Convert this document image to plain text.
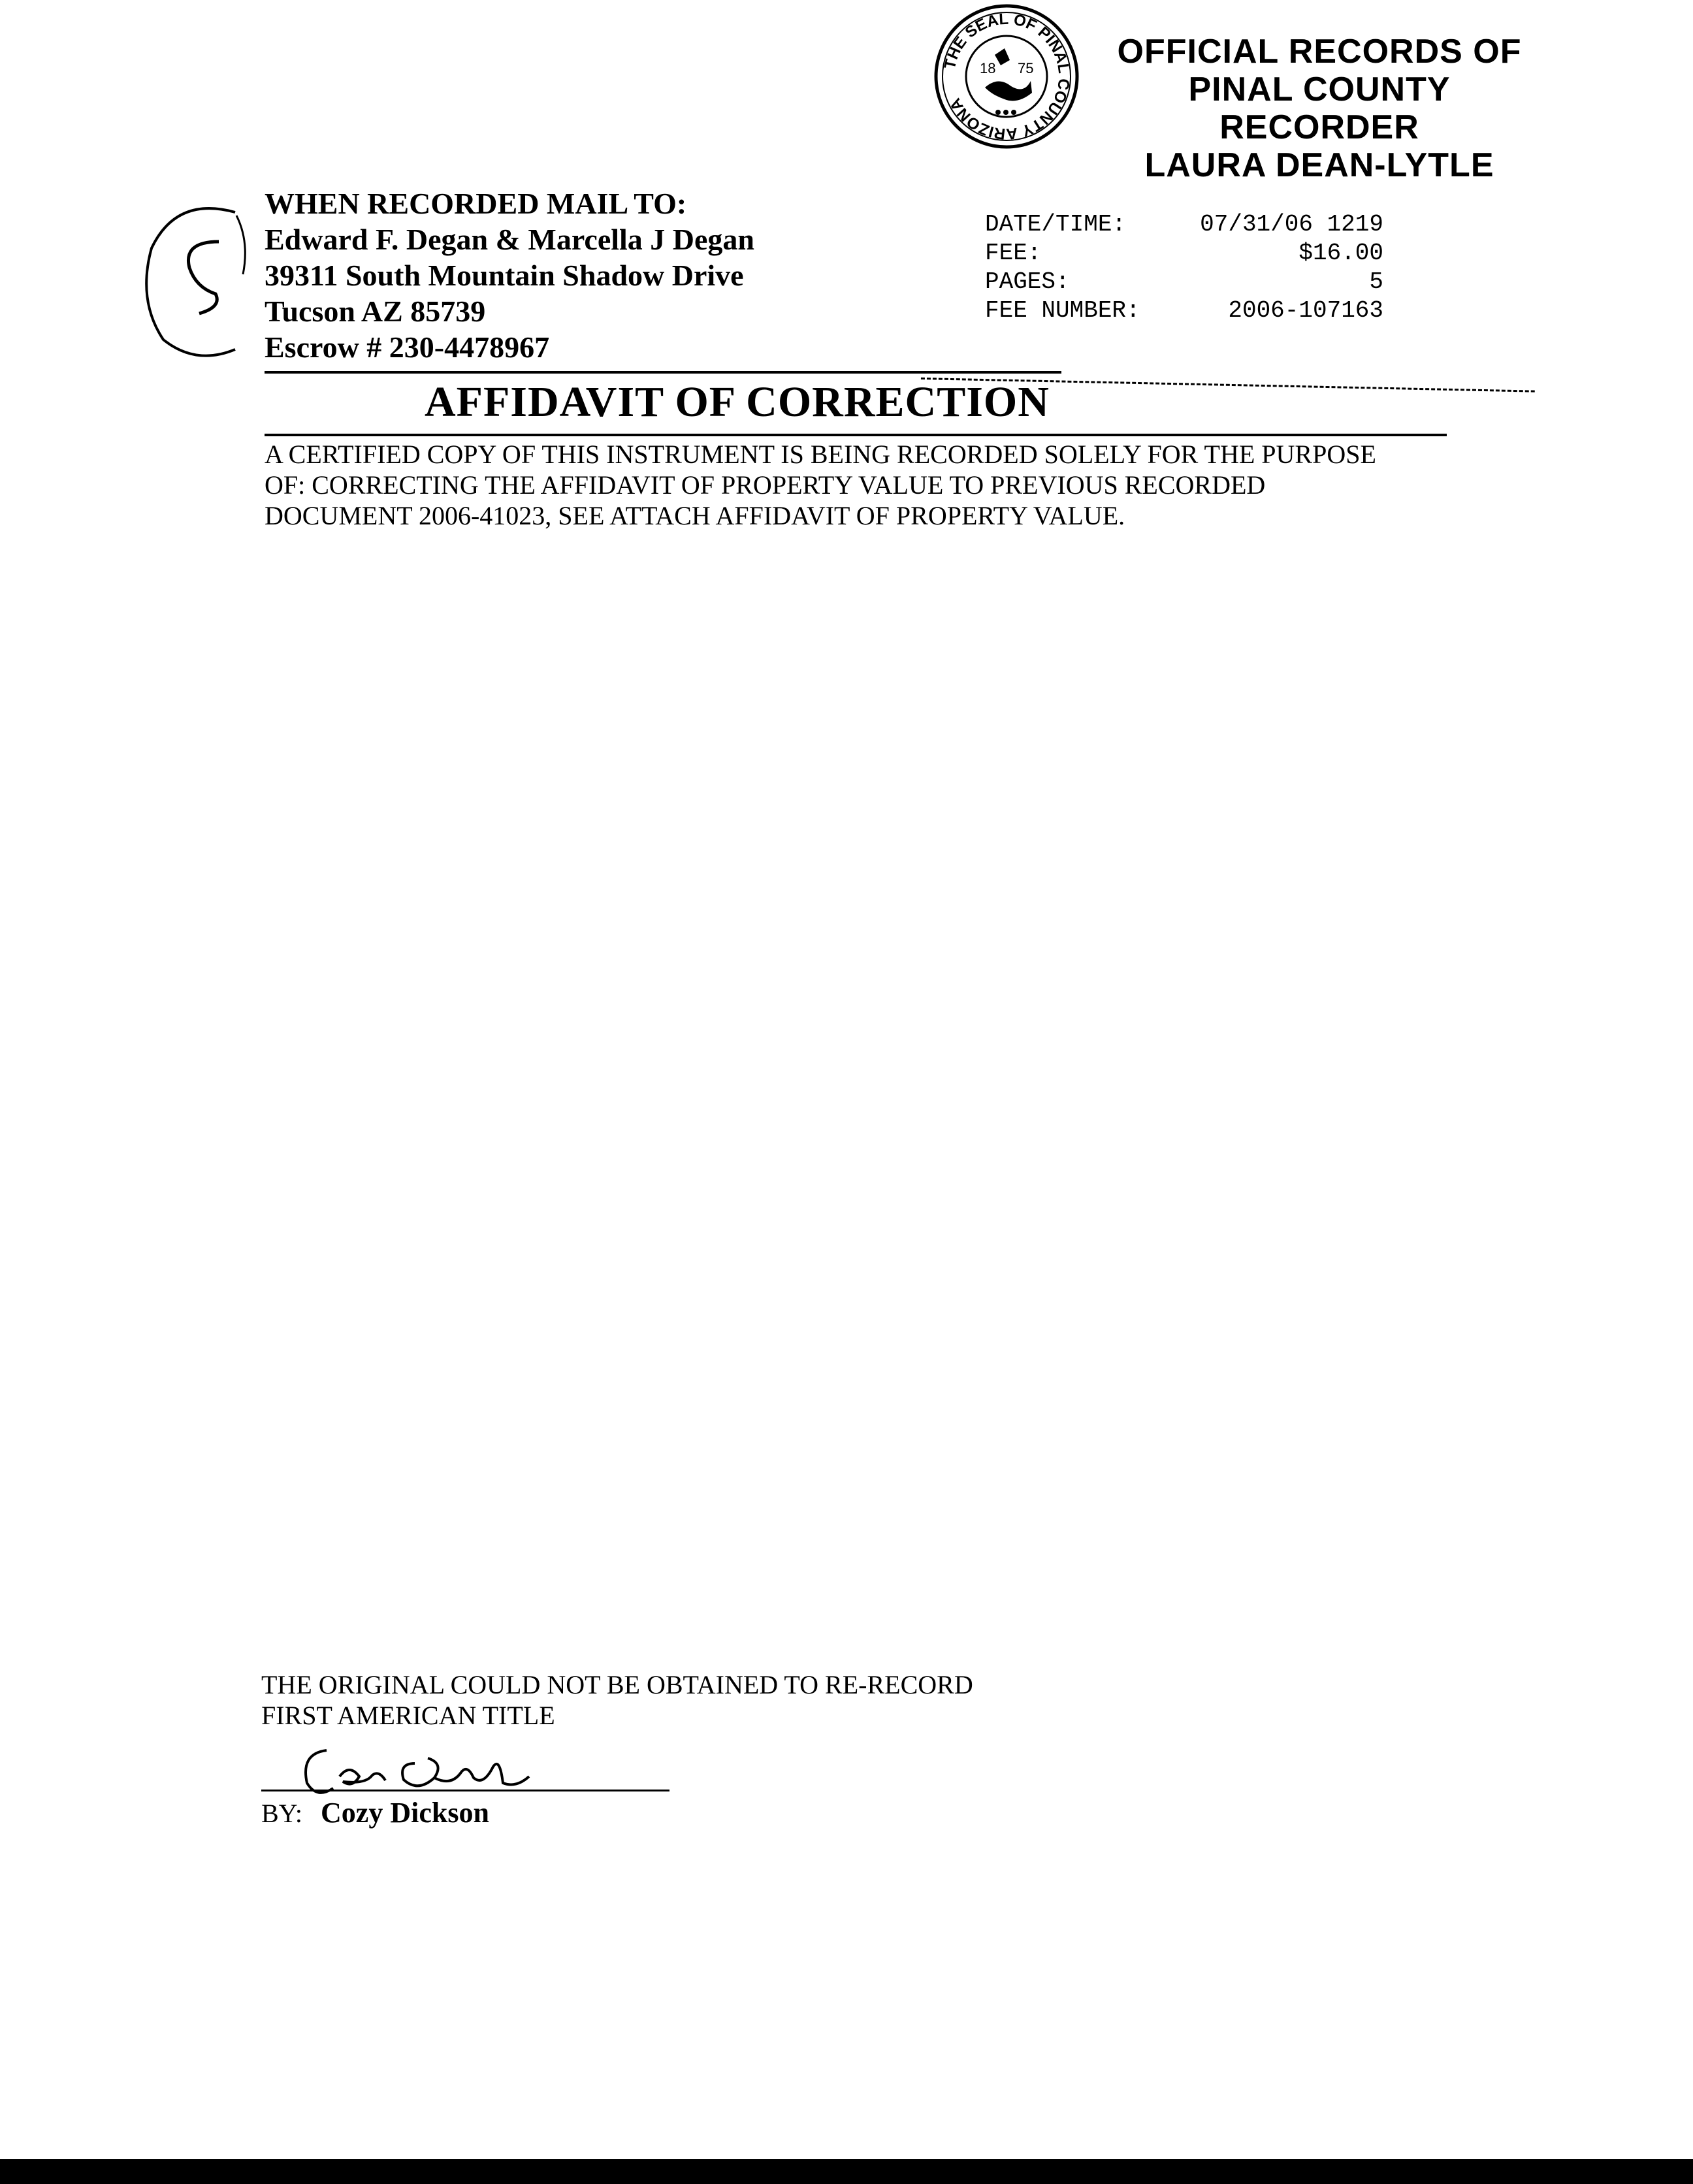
THE SEAL OF PINAL COUNTY ARIZONA
18 75	OFFICIAL RECORDS OF
PINAL COUNTY RECORDER
LAURA DEAN-LYTLE
DATE/TIME:	07/31/06 1219
FEE:	$16.00
PAGES:	5
FEE NUMBER:	2006-107163
WHEN RECORDED MAIL TO:
Edward F. Degan & Marcella J Degan
39311 South Mountain Shadow Drive
Tucson AZ 85739
Escrow # 230-4478967
AFFIDAVIT OF CORRECTION
A CERTIFIED COPY OF THIS INSTRUMENT IS BEING RECORDED SOLELY FOR THE PURPOSE
OF: CORRECTING THE AFFIDAVIT OF PROPERTY VALUE TO PREVIOUS RECORDED
DOCUMENT 2006-41023, SEE ATTACH AFFIDAVIT OF PROPERTY VALUE.
THE ORIGINAL COULD NOT BE OBTAINED TO RE-RECORD
FIRST AMERICAN TITLE
BY: Cozy Dickson
